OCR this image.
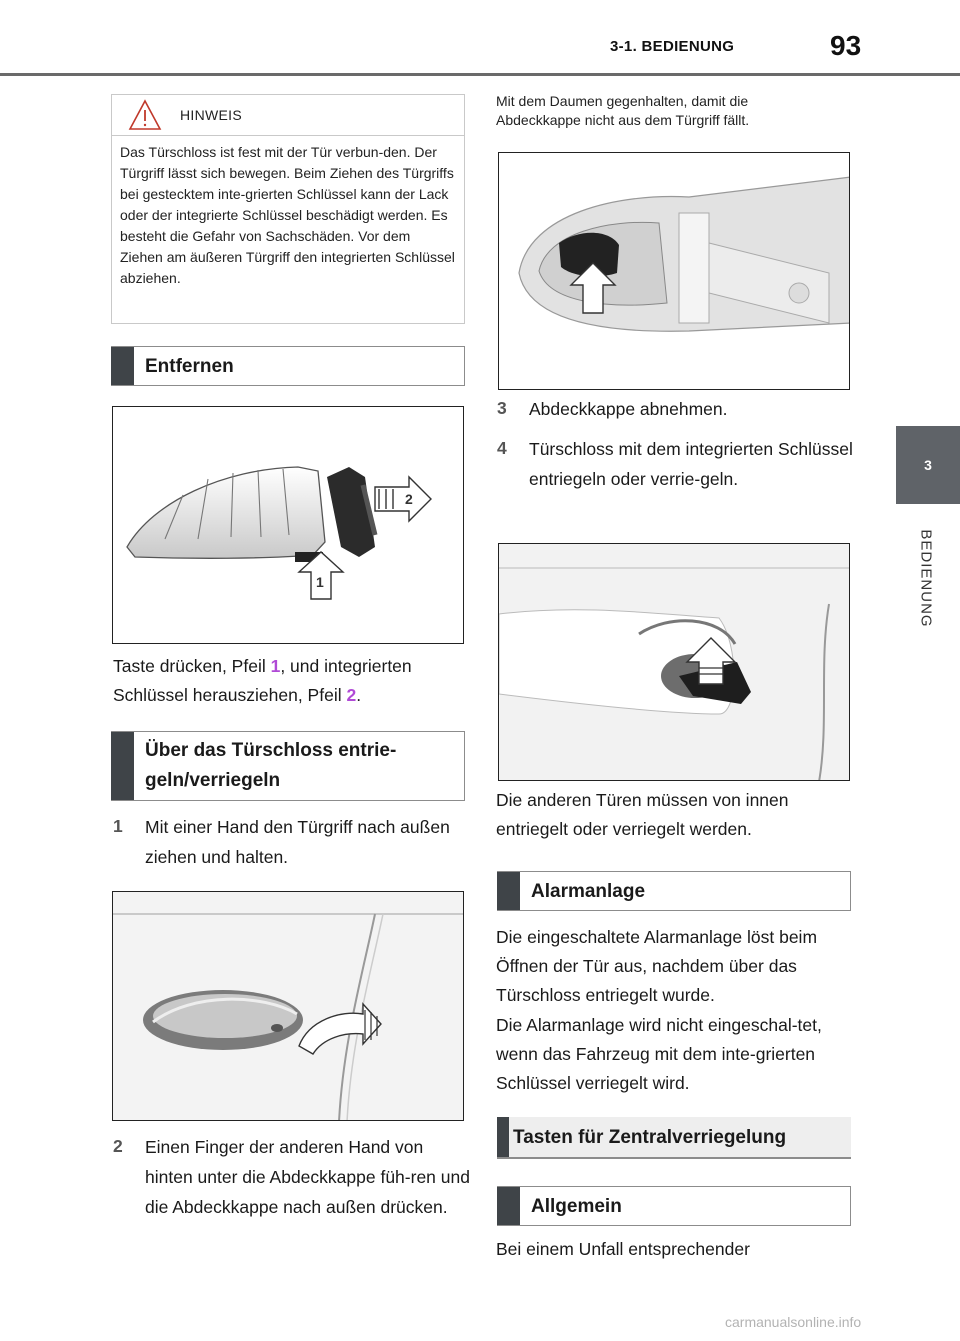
3-1. BEDIENUNG	93
3
BEDIENUNG
HINWEIS
Das Türschloss ist fest mit der Tür verbun-den. Der Türgriff lässt sich bewegen. Beim Ziehen des Türgriffs bei gestecktem inte-grierten Schlüssel kann der Lack oder der integrierte Schlüssel beschädigt werden. Es besteht die Gefahr von Sachschäden. Vor dem Ziehen am äußeren Türgriff den integrierten Schlüssel abziehen.
Entfernen
2
1
Taste drücken, Pfeil 1, und integrierten Schlüssel herausziehen, Pfeil 2.
Über das Türschloss entrie-
geln/verriegeln
1 Mit einer Hand den Türgriff nach außen ziehen und halten.
2 Einen Finger der anderen Hand von hinten unter die Abdeckkappe füh-ren und die Abdeckkappe nach außen drücken.
Mit dem Daumen gegenhalten, damit die Abdeckkappe nicht aus dem Türgriff fällt.
3 Abdeckkappe abnehmen.
4 Türschloss mit dem integrierten Schlüssel entriegeln oder verrie-geln.
Die anderen Türen müssen von innen entriegelt oder verriegelt werden.
Alarmanlage
Die eingeschaltete Alarmanlage löst beim Öffnen der Tür aus, nachdem über das Türschloss entriegelt wurde.
Die Alarmanlage wird nicht eingeschal-tet, wenn das Fahrzeug mit dem inte-grierten Schlüssel verriegelt wird.
Tasten für Zentralverriegelung
Allgemein
Bei einem Unfall entsprechender
carmanualsonline.info
